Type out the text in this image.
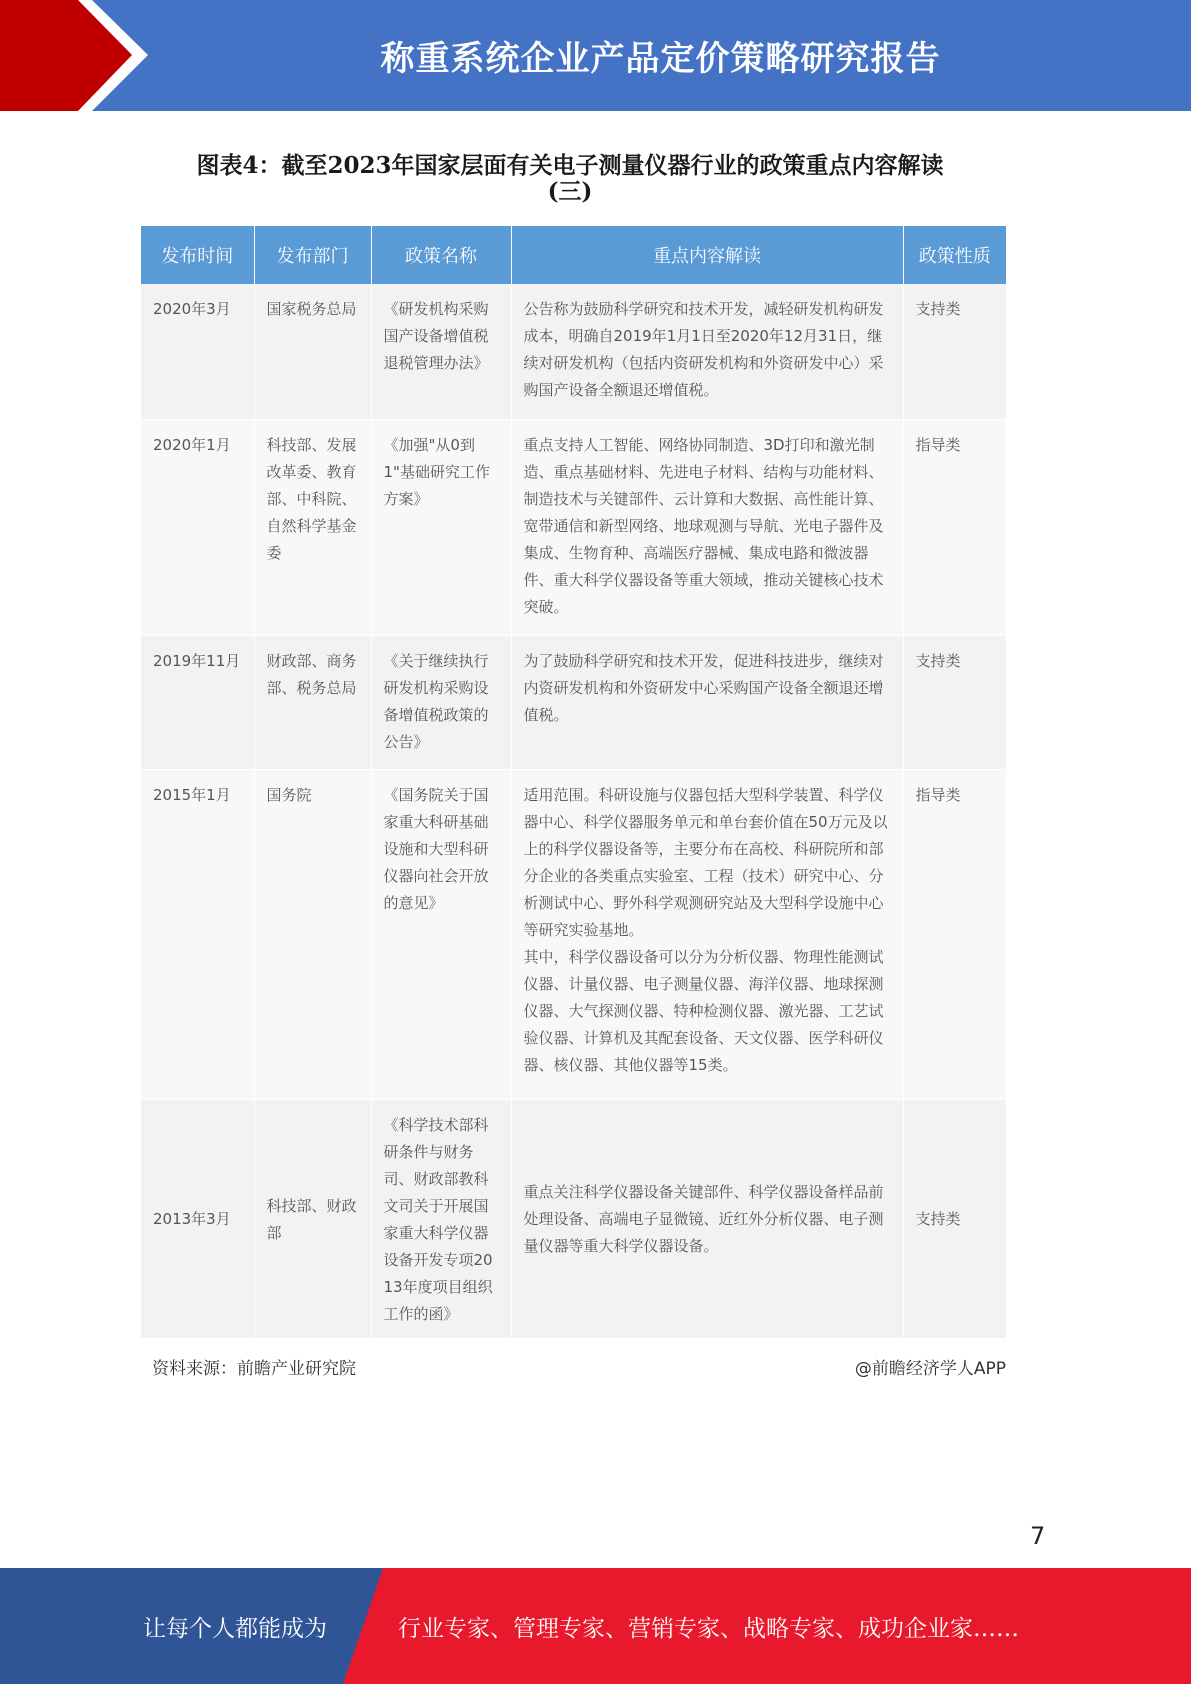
称重系统企业产品定价策略研究报告
图表4：截至2023年国家层面有关电子测量仪器行业的政策重点内容解读
(三)
发布时间	发布部门	政策名称	重点内容解读	政策性质
2020年3月	国家税务总局	《研发机构采购国产设备增值税退税管理办法》	公告称为鼓励科学研究和技术开发，减轻研发机构研发成本，明确自2019年1月1日至2020年12月31日，继续对研发机构（包括内资研发机构和外资研发中心）采购国产设备全额退还增值税。	支持类
2020年1月	科技部、发展改革委、教育部、中科院、自然科学基金委	《加强"从0到1"基础研究工作方案》	重点支持人工智能、网络协同制造、3D打印和激光制造、重点基础材料、先进电子材料、结构与功能材料、制造技术与关键部件、云计算和大数据、高性能计算、宽带通信和新型网络、地球观测与导航、光电子器件及集成、生物育种、高端医疗器械、集成电路和微波器件、重大科学仪器设备等重大领域，推动关键核心技术突破。	指导类
2019年11月	财政部、商务部、税务总局	《关于继续执行研发机构采购设备增值税政策的公告》	为了鼓励科学研究和技术开发，促进科技进步，继续对内资研发机构和外资研发中心采购国产设备全额退还增值税。	支持类
2015年1月	国务院	《国务院关于国家重大科研基础设施和大型科研仪器向社会开放的意见》	适用范围。科研设施与仪器包括大型科学装置、科学仪器中心、科学仪器服务单元和单台套价值在50万元及以上的科学仪器设备等，主要分布在高校、科研院所和部分企业的各类重点实验室、工程（技术）研究中心、分析测试中心、野外科学观测研究站及大型科学设施中心等研究实验基地。
其中，科学仪器设备可以分为分析仪器、物理性能测试仪器、计量仪器、电子测量仪器、海洋仪器、地球探测仪器、大气探测仪器、特种检测仪器、激光器、工艺试验仪器、计算机及其配套设备、天文仪器、医学科研仪器、核仪器、其他仪器等15类。	指导类
2013年3月	科技部、财政部	《科学技术部科研条件与财务司、财政部教科文司关于开展国家重大科学仪器设备开发专项2013年度项目组织工作的函》	重点关注科学仪器设备关键部件、科学仪器设备样品前处理设备、高端电子显微镜、近红外分析仪器、电子测量仪器等重大科学仪器设备。	支持类
资料来源：前瞻产业研究院	@前瞻经济学人APP
7
让每个人都能成为	行业专家、管理专家、营销专家、战略专家、成功企业家……
